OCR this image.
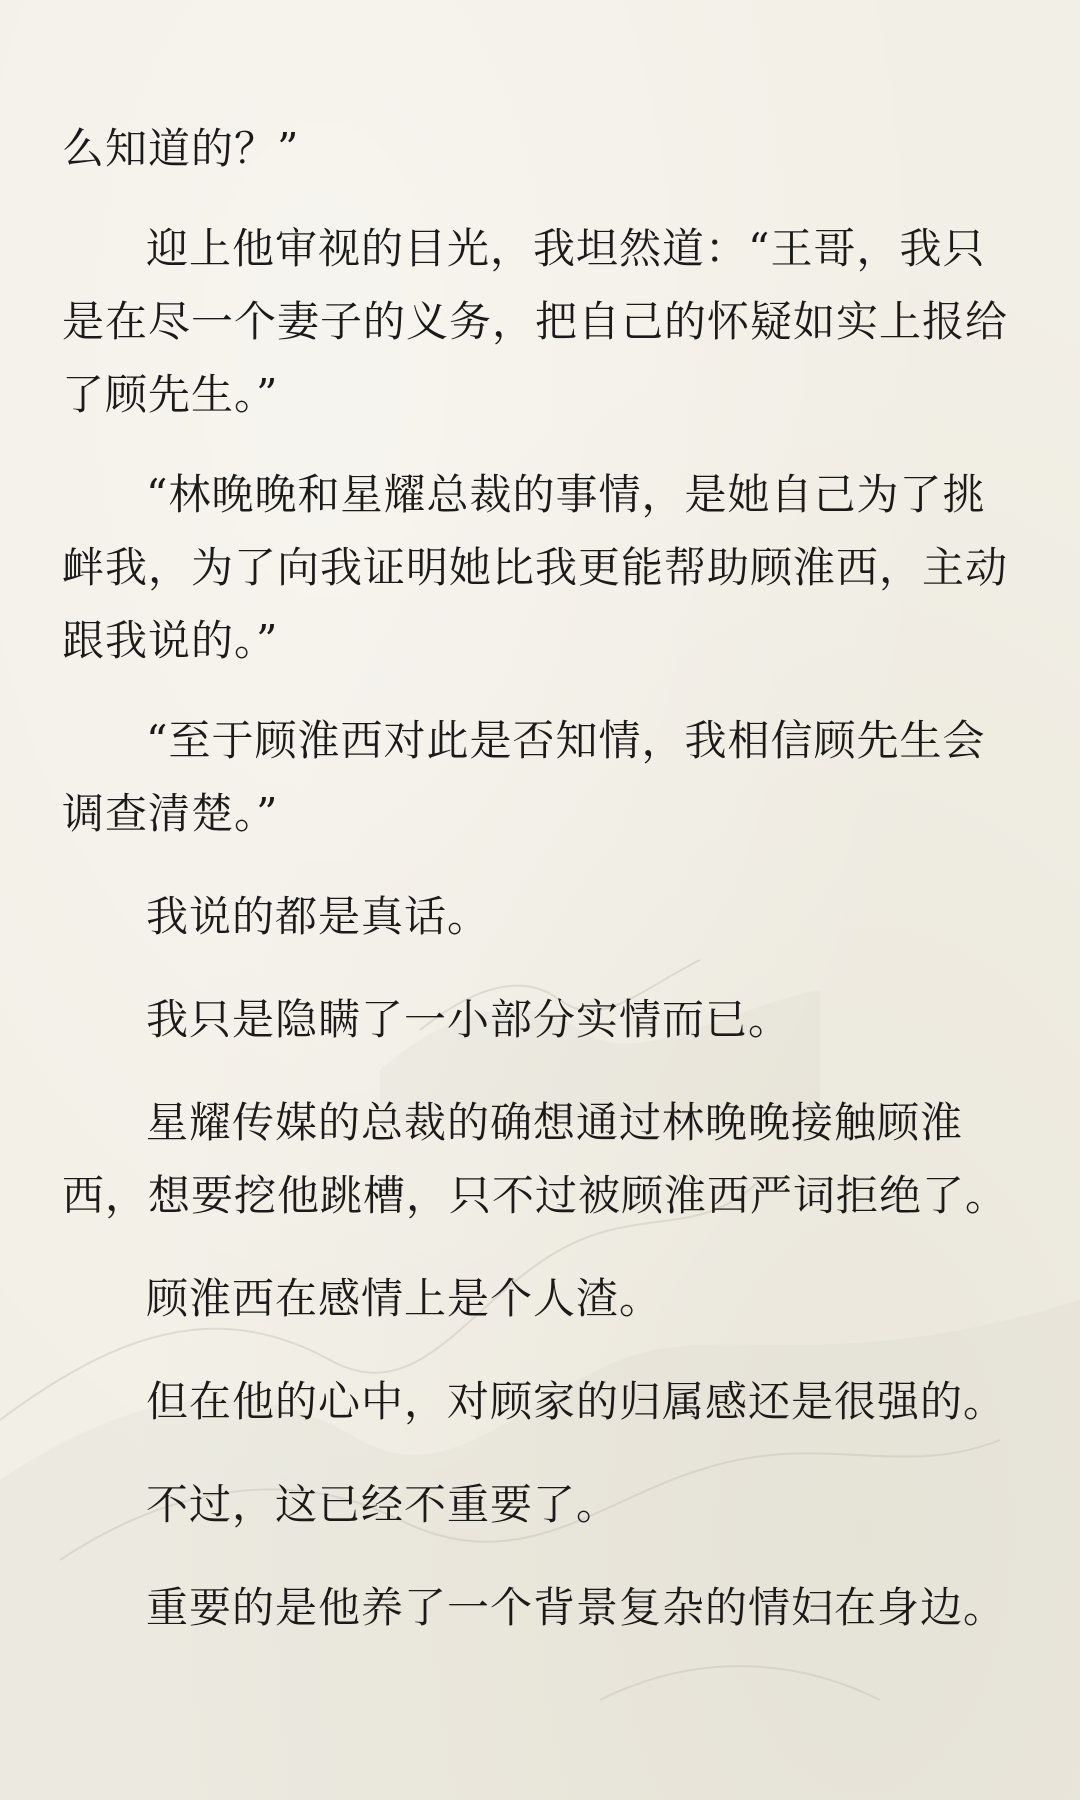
么知道的？”

迎上他审视的目光，我坦然道：“王哥，我只是在尽一个妻子的义务，把自己的怀疑如实上报给了顾先生。”

“林晚晚和星耀总裁的事情，是她自己为了挑衅我，为了向我证明她比我更能帮助顾淮西，主动跟我说的。”

“至于顾淮西对此是否知情，我相信顾先生会调查清楚。”

我说的都是真话。

我只是隐瞒了一小部分实情而已。

星耀传媒的总裁的确想通过林晚晚接触顾淮西，想要挖他跳槽，只不过被顾淮西严词拒绝了。

顾淮西在感情上是个人渣。

但在他的心中，对顾家的归属感还是很强的。

不过，这已经不重要了。

重要的是他养了一个背景复杂的情妇在身边。
